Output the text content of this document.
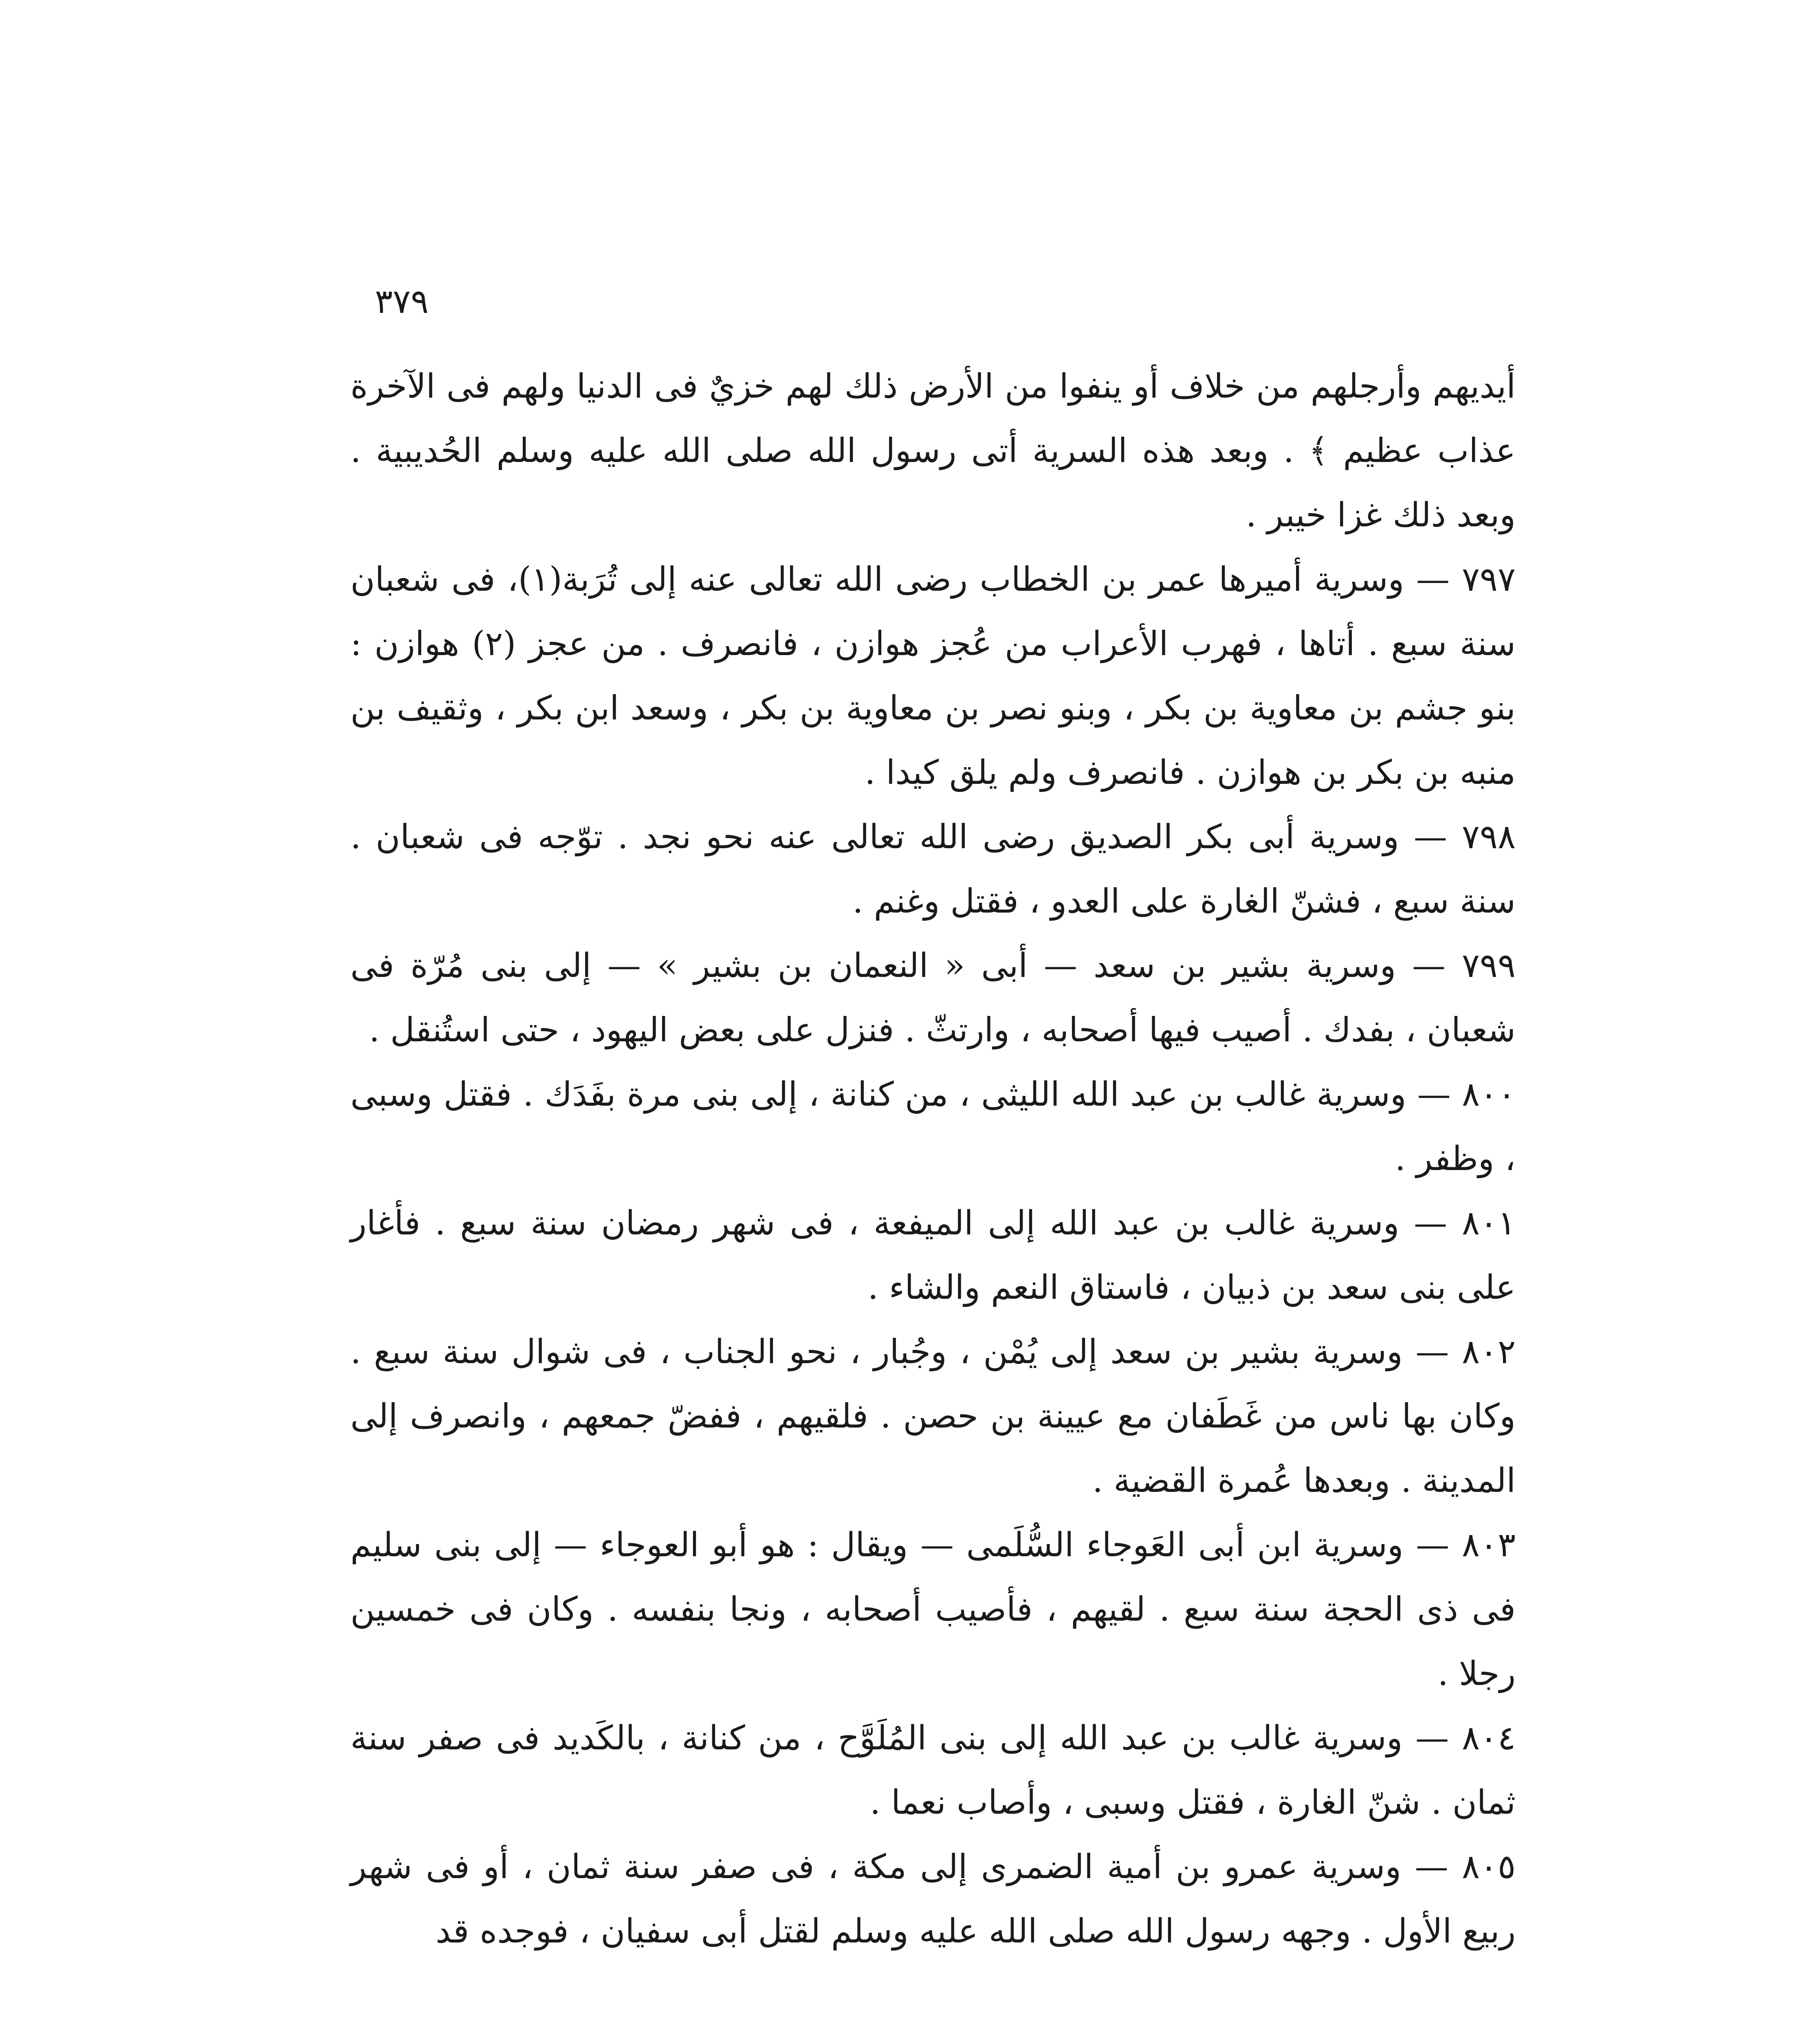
٣٧٩

أيديهم وأرجلهم من خلاف أو ينفوا من الأرض ذلك لهم خزيٌ فى الدنيا ولهم فى الآخرة عذاب عظيم ﴾ . وبعد هذه السرية أتى رسول الله صلى الله عليه وسلم الحُديبية . وبعد ذلك غزا خيبر .

٧٩٧ — وسرية أميرها عمر بن الخطاب رضى الله تعالى عنه إلى تُرَبة(١)، فى شعبان سنة سبع . أتاها ، فهرب الأعراب من عُجز هوازن ، فانصرف . من عجز (٢) هوازن : بنو جشم بن معاوية بن بكر ، وبنو نصر بن معاوية بن بكر ، وسعد ابن بكر ، وثقيف بن منبه بن بكر بن هوازن . فانصرف ولم يلق كيدا .

٧٩٨ — وسرية أبى بكر الصديق رضى الله تعالى عنه نحو نجد . توّجه فى شعبان . سنة سبع ، فشنّ الغارة على العدو ، فقتل وغنم .

٧٩٩ — وسرية بشير بن سعد — أبى « النعمان بن بشير » — إلى بنى مُرّة فى شعبان ، بفدك . أصيب فيها أصحابه ، وارتثّ . فنزل على بعض اليهود ، حتى استُنقل .

٨٠٠ — وسرية غالب بن عبد الله الليثى ، من كنانة ، إلى بنى مرة بفَدَك . فقتل وسبى ، وظفر .

٨٠١ — وسرية غالب بن عبد الله إلى الميفعة ، فى شهر رمضان سنة سبع . فأغار على بنى سعد بن ذبيان ، فاستاق النعم والشاء .

٨٠٢ — وسرية بشير بن سعد إلى يُمْن ، وجُبار ، نحو الجناب ، فى شوال سنة سبع . وكان بها ناس من غَطَفان مع عيينة بن حصن . فلقيهم ، ففضّ جمعهم ، وانصرف إلى المدينة . وبعدها عُمرة القضية .

٨٠٣ — وسرية ابن أبى العَوجاء السُّلَمى — ويقال : هو أبو العوجاء — إلى بنى سليم فى ذى الحجة سنة سبع . لقيهم ، فأصيب أصحابه ، ونجا بنفسه . وكان فى خمسين رجلا .

٨٠٤ — وسرية غالب بن عبد الله إلى بنى المُلَوَّح ، من كنانة ، بالكَديد فى صفر سنة ثمان . شنّ الغارة ، فقتل وسبى ، وأصاب نعما .

٨٠٥ — وسرية عمرو بن أمية الضمرى إلى مكة ، فى صفر سنة ثمان ، أو فى شهر ربيع الأول . وجهه رسول الله صلى الله عليه وسلم لقتل أبى سفيان ، فوجده قد
